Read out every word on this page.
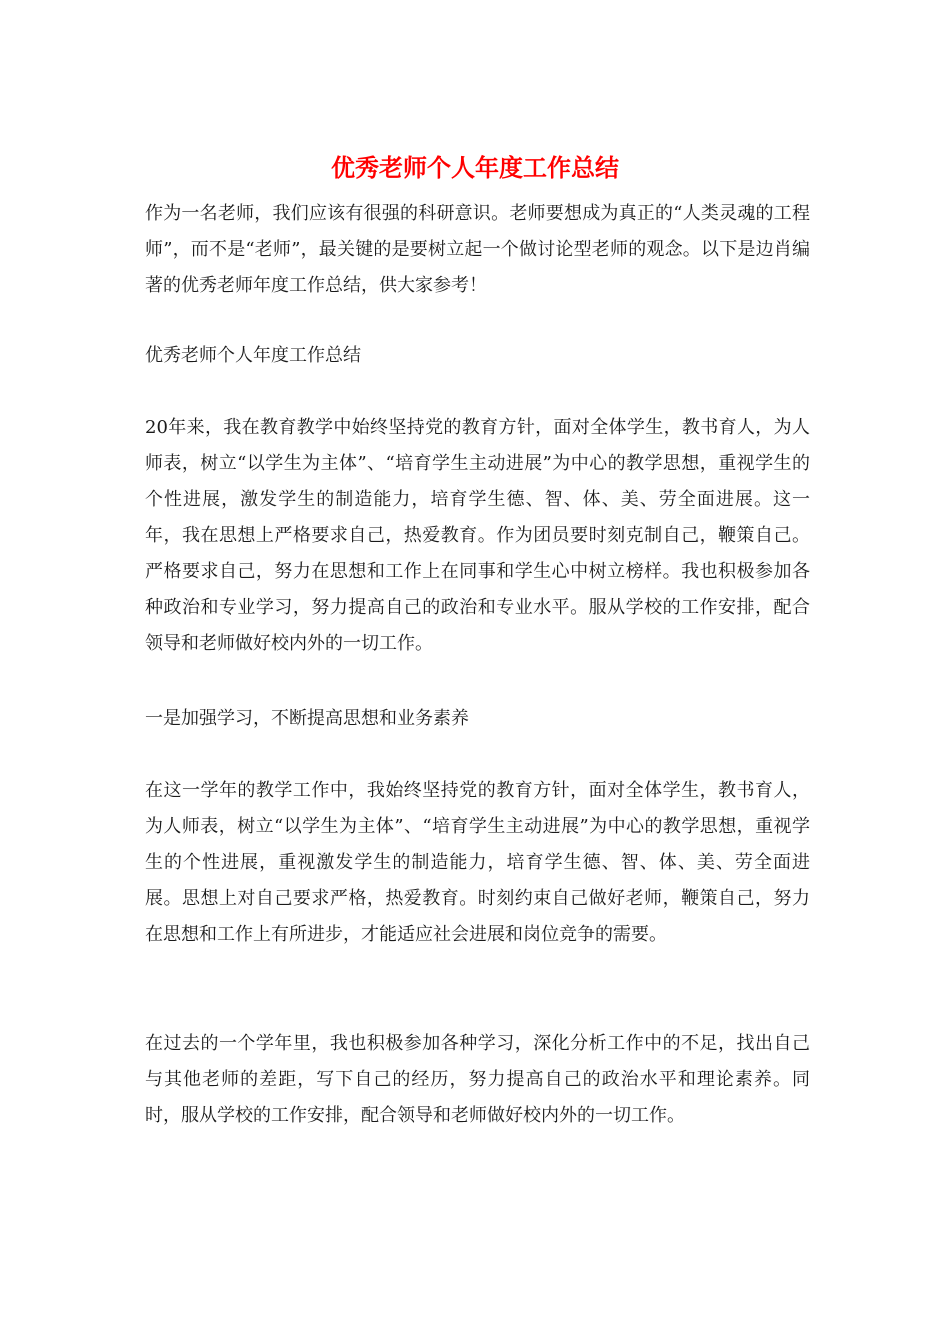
优秀老师个人年度工作总结

作为一名老师，我们应该有很强的科研意识。老师要想成为真正的“人类灵魂的工程师”，而不是“老师”，最关键的是要树立起一个做讨论型老师的观念。以下是边肖编著的优秀老师年度工作总结，供大家参考！

优秀老师个人年度工作总结

20年来，我在教育教学中始终坚持党的教育方针，面对全体学生，教书育人，为人师表，树立“以学生为主体”、“培育学生主动进展”为中心的教学思想，重视学生的个性进展，激发学生的制造能力，培育学生德、智、体、美、劳全面进展。这一年，我在思想上严格要求自己，热爱教育。作为团员要时刻克制自己，鞭策自己。严格要求自己，努力在思想和工作上在同事和学生心中树立榜样。我也积极参加各种政治和专业学习，努力提高自己的政治和专业水平。服从学校的工作安排，配合领导和老师做好校内外的一切工作。

一是加强学习，不断提高思想和业务素养

在这一学年的教学工作中，我始终坚持党的教育方针，面对全体学生，教书育人，为人师表，树立“以学生为主体”、“培育学生主动进展”为中心的教学思想，重视学生的个性进展，重视激发学生的制造能力，培育学生德、智、体、美、劳全面进展。思想上对自己要求严格，热爱教育。时刻约束自己做好老师，鞭策自己，努力在思想和工作上有所进步，才能适应社会进展和岗位竞争的需要。

在过去的一个学年里，我也积极参加各种学习，深化分析工作中的不足，找出自己与其他老师的差距，写下自己的经历，努力提高自己的政治水平和理论素养。同时，服从学校的工作安排，配合领导和老师做好校内外的一切工作。
